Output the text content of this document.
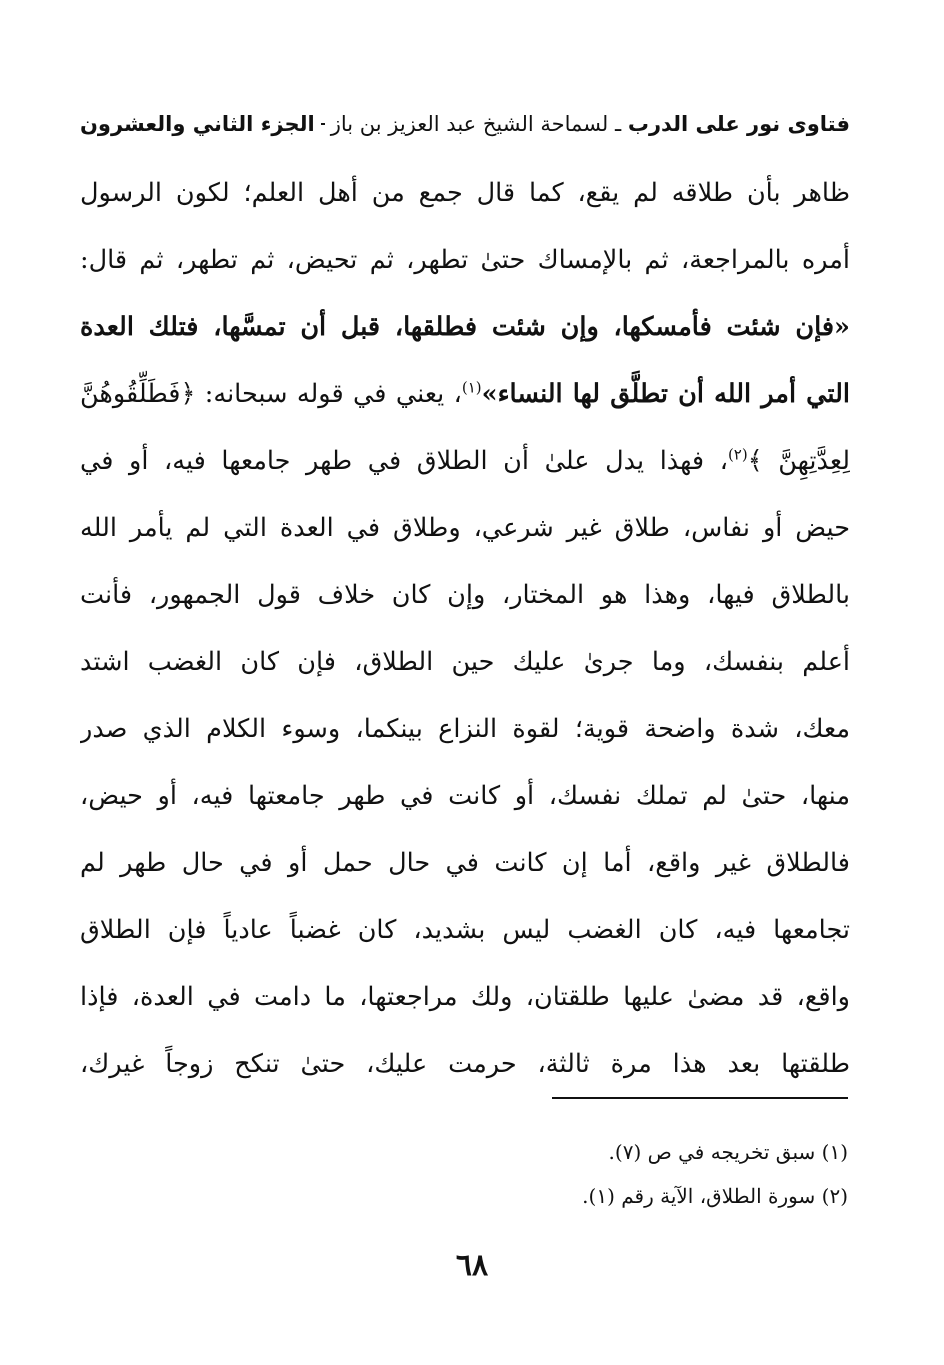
فتاوى نور على الدرب
ـ
لسماحة الشيخ عبد العزيز بن باز
الجزء الثاني والعشرون
ظاهر بأن طلاقه لم يقع، كما قال جمع من أهل العلم؛ لكون الرسول
أمره بالمراجعة، ثم بالإمساك حتىٰ تطهر، ثم تحيض، ثم تطهر، ثم قال:
«فإن شئت فأمسكها، وإن شئت فطلقها، قبل أن تمسَّها، فتلك العدة
التي أمر الله أن تطلَّق لها النساء»$^{(١)}$، يعني في قوله سبحانه: ﴿فَطَلِّقُوهُنَّ
لِعِدَّتِهِنَّ ﴾$^{(٢)}$، فهذا يدل علىٰ أن الطلاق في طهر جامعها فيه، أو في
حيض أو نفاس، طلاق غير شرعي، وطلاق في العدة التي لم يأمر الله
بالطلاق فيها، وهذا هو المختار، وإن كان خلاف قول الجمهور، فأنت
أعلم بنفسك، وما جرىٰ عليك حين الطلاق، فإن كان الغضب اشتد
معك، شدة واضحة قوية؛ لقوة النزاع بينكما، وسوء الكلام الذي صدر
منها، حتىٰ لم تملك نفسك، أو كانت في طهر جامعتها فيه، أو حيض،
فالطلاق غير واقع، أما إن كانت في حال حمل أو في حال طهر لم
تجامعها فيه، كان الغضب ليس بشديد، كان غضباً عادياً فإن الطلاق
واقع، قد مضىٰ عليها طلقتان، ولك مراجعتها، ما دامت في العدة، فإذا
طلقتها بعد هذا مرة ثالثة، حرمت عليك، حتىٰ تنكح زوجاً غيرك،
(١) سبق تخريجه في ص (٧).
(٢) سورة الطلاق، الآية رقم (١).
٦٨
